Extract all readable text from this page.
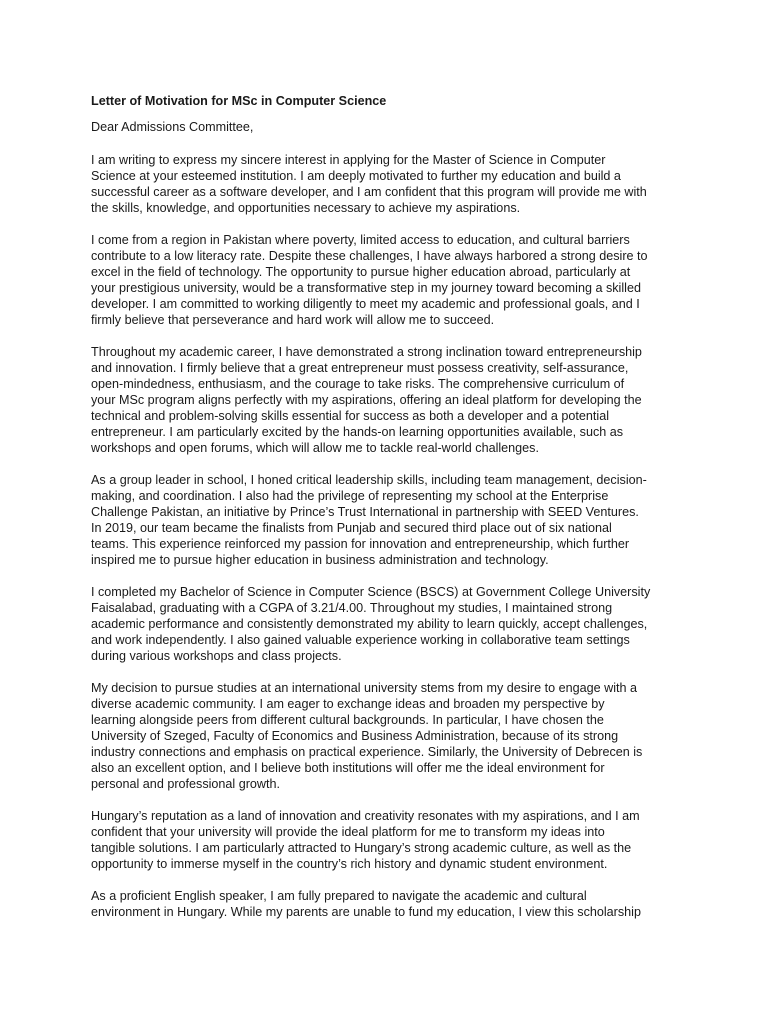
Letter of Motivation for MSc in Computer Science
Dear Admissions Committee,
I am writing to express my sincere interest in applying for the Master of Science in Computer
Science at your esteemed institution. I am deeply motivated to further my education and build a
successful career as a software developer, and I am confident that this program will provide me with
the skills, knowledge, and opportunities necessary to achieve my aspirations.
I come from a region in Pakistan where poverty, limited access to education, and cultural barriers
contribute to a low literacy rate. Despite these challenges, I have always harbored a strong desire to
excel in the field of technology. The opportunity to pursue higher education abroad, particularly at
your prestigious university, would be a transformative step in my journey toward becoming a skilled
developer. I am committed to working diligently to meet my academic and professional goals, and I
firmly believe that perseverance and hard work will allow me to succeed.
Throughout my academic career, I have demonstrated a strong inclination toward entrepreneurship
and innovation. I firmly believe that a great entrepreneur must possess creativity, self-assurance,
open-mindedness, enthusiasm, and the courage to take risks. The comprehensive curriculum of
your MSc program aligns perfectly with my aspirations, offering an ideal platform for developing the
technical and problem-solving skills essential for success as both a developer and a potential
entrepreneur. I am particularly excited by the hands-on learning opportunities available, such as
workshops and open forums, which will allow me to tackle real-world challenges.
As a group leader in school, I honed critical leadership skills, including team management, decision-
making, and coordination. I also had the privilege of representing my school at the Enterprise
Challenge Pakistan, an initiative by Prince’s Trust International in partnership with SEED Ventures.
In 2019, our team became the finalists from Punjab and secured third place out of six national
teams. This experience reinforced my passion for innovation and entrepreneurship, which further
inspired me to pursue higher education in business administration and technology.
I completed my Bachelor of Science in Computer Science (BSCS) at Government College University
Faisalabad, graduating with a CGPA of 3.21/4.00. Throughout my studies, I maintained strong
academic performance and consistently demonstrated my ability to learn quickly, accept challenges,
and work independently. I also gained valuable experience working in collaborative team settings
during various workshops and class projects.
My decision to pursue studies at an international university stems from my desire to engage with a
diverse academic community. I am eager to exchange ideas and broaden my perspective by
learning alongside peers from different cultural backgrounds. In particular, I have chosen the
University of Szeged, Faculty of Economics and Business Administration, because of its strong
industry connections and emphasis on practical experience. Similarly, the University of Debrecen is
also an excellent option, and I believe both institutions will offer me the ideal environment for
personal and professional growth.
Hungary’s reputation as a land of innovation and creativity resonates with my aspirations, and I am
confident that your university will provide the ideal platform for me to transform my ideas into
tangible solutions. I am particularly attracted to Hungary’s strong academic culture, as well as the
opportunity to immerse myself in the country’s rich history and dynamic student environment.
As a proficient English speaker, I am fully prepared to navigate the academic and cultural
environment in Hungary. While my parents are unable to fund my education, I view this scholarship
